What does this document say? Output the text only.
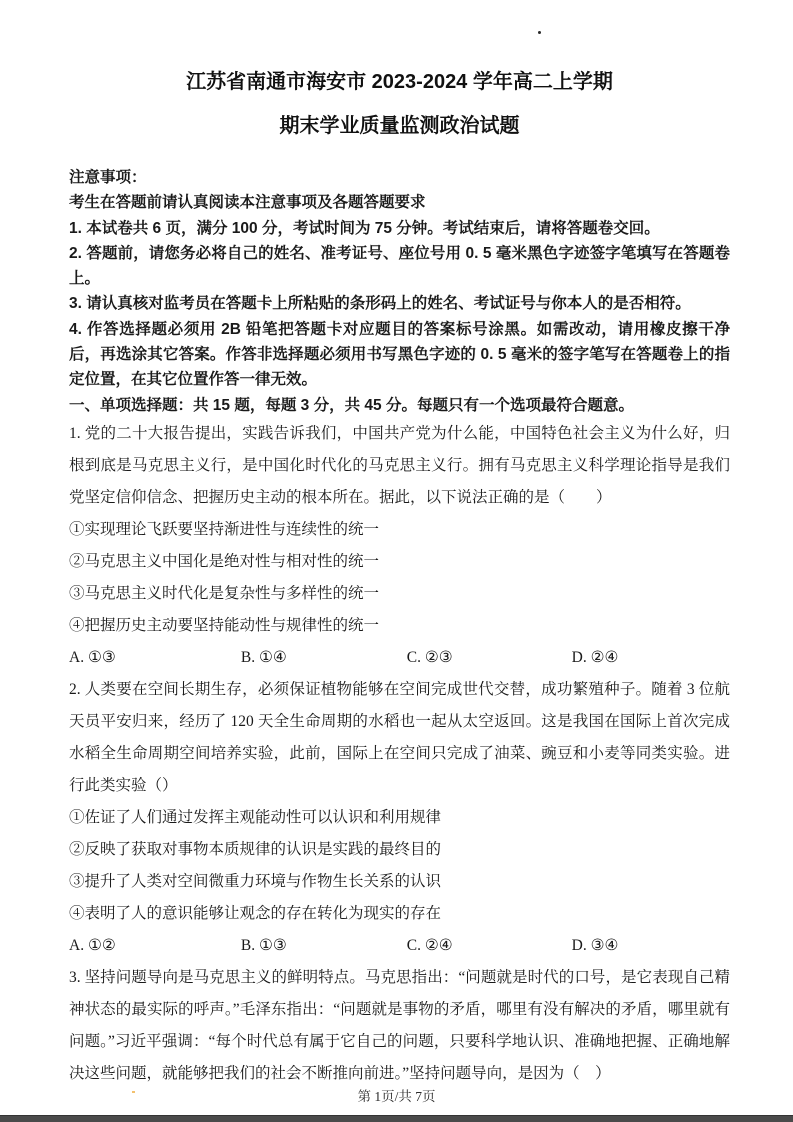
江苏省南通市海安市 2023-2024 学年高二上学期
期末学业质量监测政治试题

注意事项：

考生在答题前请认真阅读本注意事项及各题答题要求

1. 本试卷共 6 页，满分 100 分，考试时间为 75 分钟。考试结束后，请将答题卷交回。

2. 答题前，请您务必将自己的姓名、准考证号、座位号用 0. 5 毫米黑色字迹签字笔填写在答题卷上。

3. 请认真核对监考员在答题卡上所粘贴的条形码上的姓名、考试证号与你本人的是否相符。

4. 作答选择题必须用 2B 铅笔把答题卡对应题目的答案标号涂黑。如需改动，请用橡皮擦干净后，再选涂其它答案。作答非选择题必须用书写黑色字迹的 0. 5 毫米的签字笔写在答题卷上的指定位置，在其它位置作答一律无效。

一、单项选择题：共 15 题，每题 3 分，共 45 分。每题只有一个选项最符合题意。

1. 党的二十大报告提出，实践告诉我们，中国共产党为什么能，中国特色社会主义为什么好，归根到底是马克思主义行，是中国化时代化的马克思主义行。拥有马克思主义科学理论指导是我们党坚定信仰信念、把握历史主动的根本所在。据此，以下说法正确的是（　　）

①实现理论飞跃要坚持渐进性与连续性的统一

②马克思主义中国化是绝对性与相对性的统一

③马克思主义时代化是复杂性与多样性的统一

④把握历史主动要坚持能动性与规律性的统一

A. ①③	B. ①④	C. ②③	D. ②④

2. 人类要在空间长期生存，必须保证植物能够在空间完成世代交替，成功繁殖种子。随着 3 位航天员平安归来，经历了 120 天全生命周期的水稻也一起从太空返回。这是我国在国际上首次完成水稻全生命周期空间培养实验，此前，国际上在空间只完成了油菜、豌豆和小麦等同类实验。进行此类实验（）

①佐证了人们通过发挥主观能动性可以认识和利用规律

②反映了获取对事物本质规律的认识是实践的最终目的

③提升了人类对空间微重力环境与作物生长关系的认识

④表明了人的意识能够让观念的存在转化为现实的存在

A. ①②	B. ①③	C. ②④	D. ③④

3. 坚持问题导向是马克思主义的鲜明特点。马克思指出：“问题就是时代的口号，是它表现自己精神状态的最实际的呼声。”毛泽东指出：“问题就是事物的矛盾，哪里有没有解决的矛盾，哪里就有问题。”习近平强调：“每个时代总有属于它自己的问题，只要科学地认识、准确地把握、正确地解决这些问题，就能够把我们的社会不断推向前进。”坚持问题导向，是因为（　）

第 1页/共 7页
